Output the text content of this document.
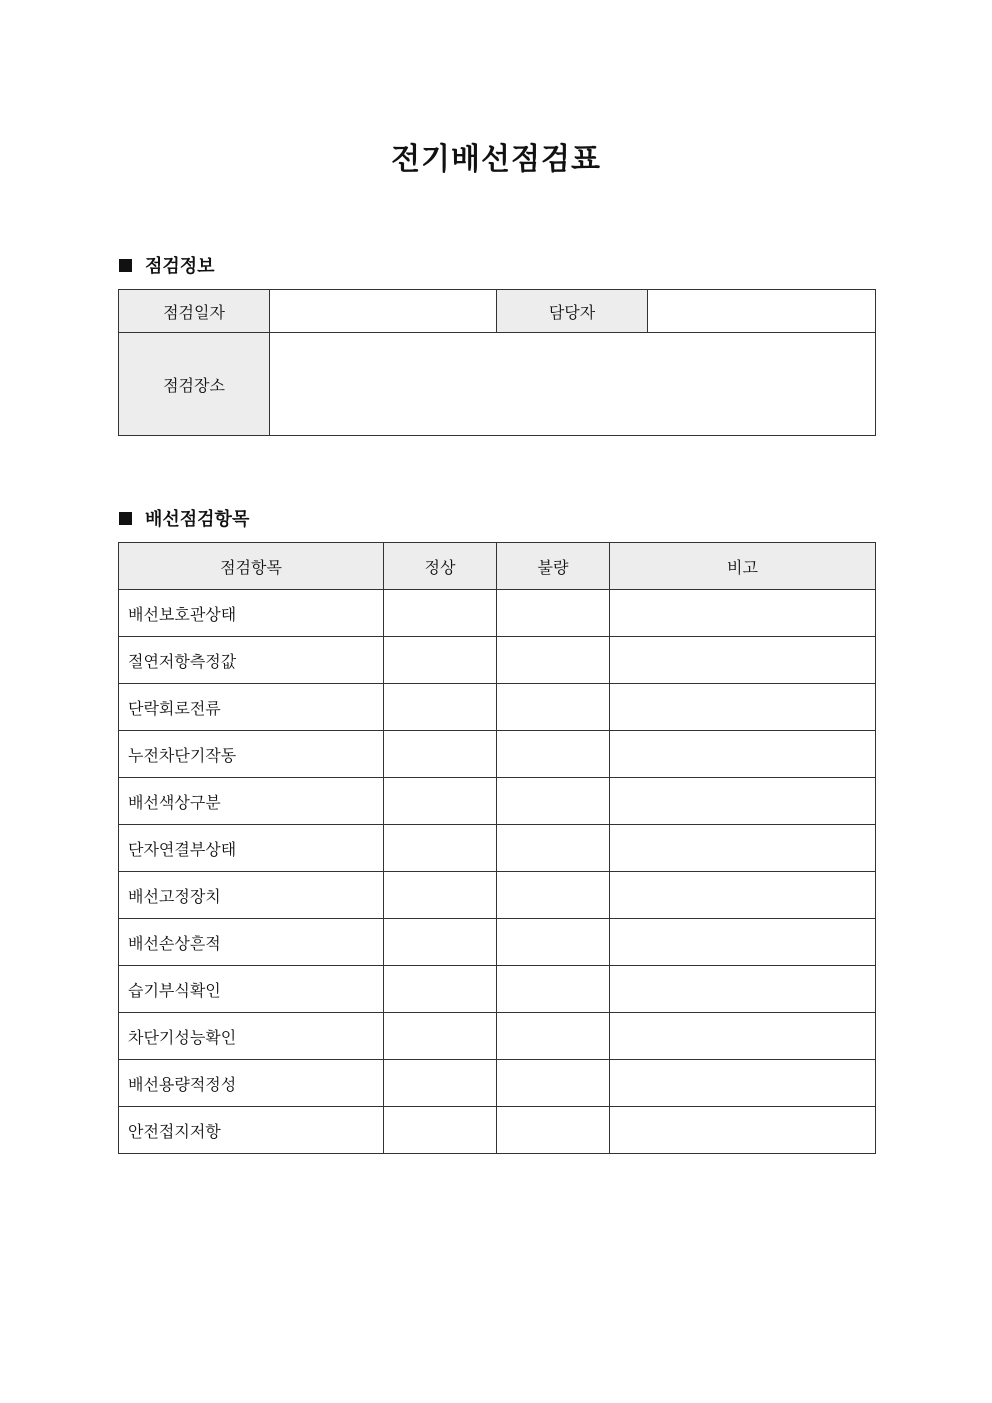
전기배선점검표
점검정보
점검일자		담당자	
점검장소			
배선점검항목
점검항목	정상	불량	비고
배선보호관상태			
절연저항측정값			
단락회로전류			
누전차단기작동			
배선색상구분			
단자연결부상태			
배선고정장치			
배선손상흔적			
습기부식확인			
차단기성능확인			
배선용량적정성			
안전접지저항			
